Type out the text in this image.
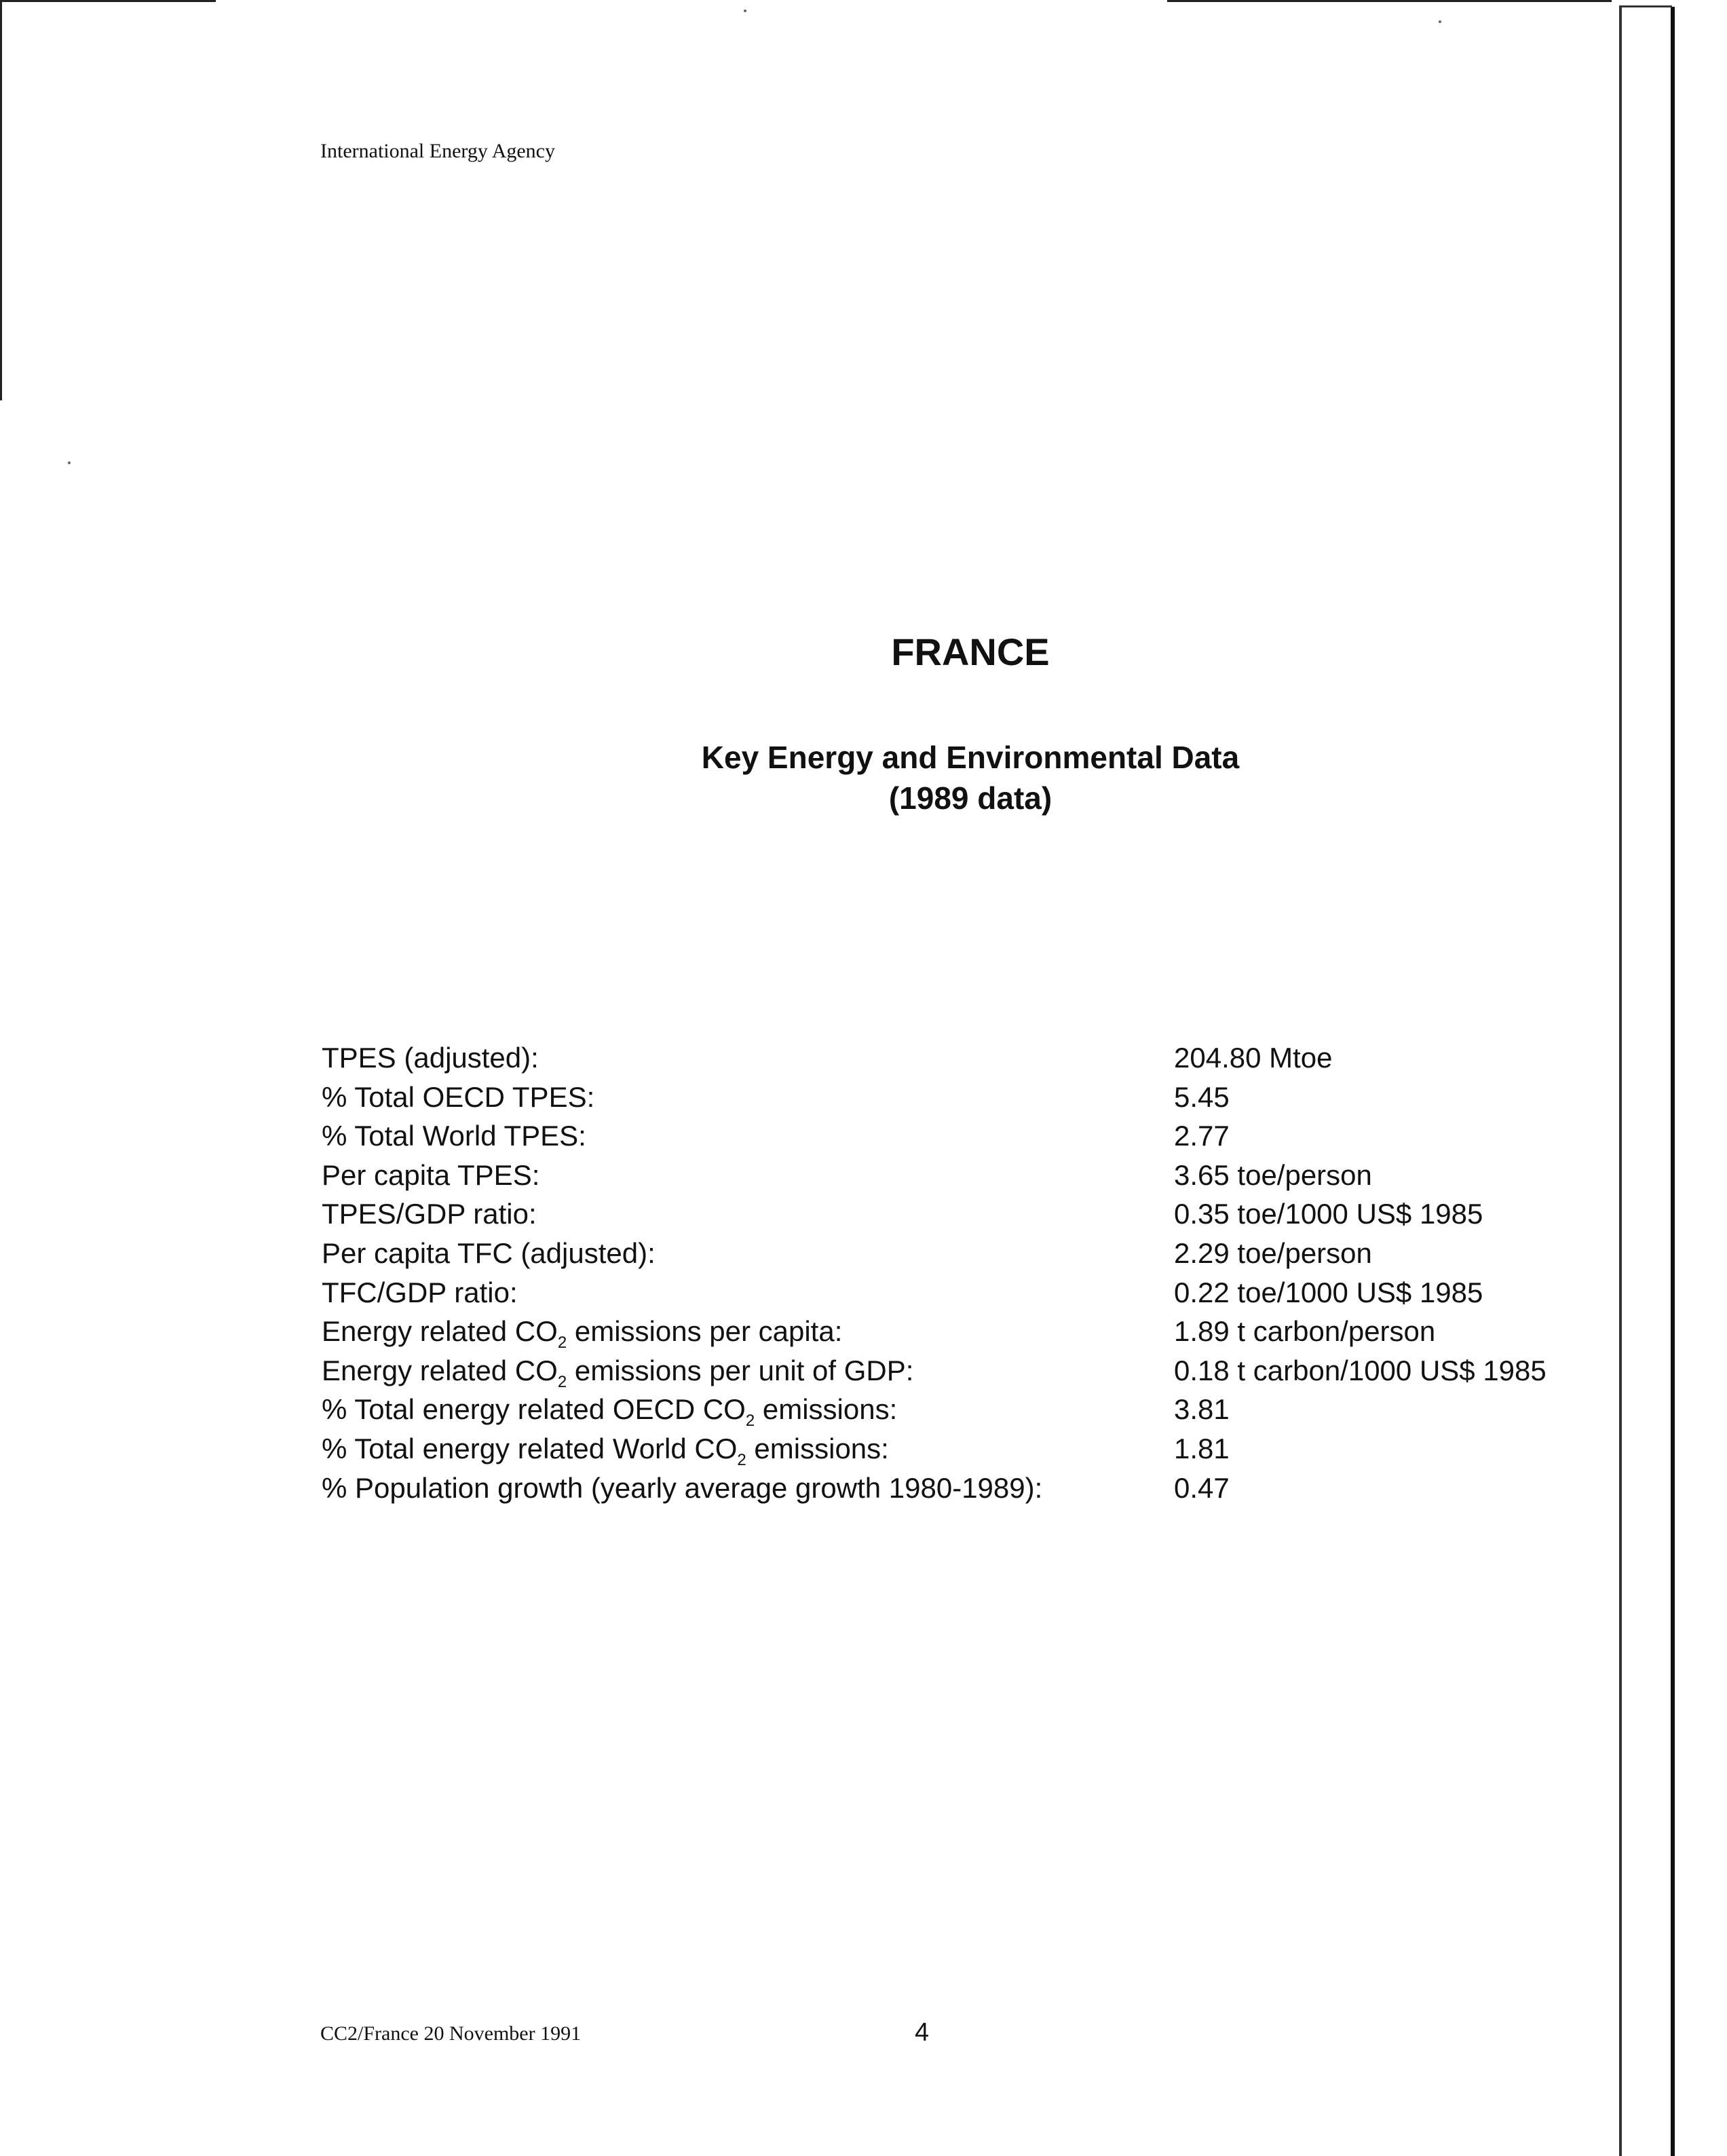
International Energy Agency
FRANCE
Key Energy and Environmental Data
(1989 data)
TPES (adjusted):	204.80 Mtoe
% Total OECD TPES:	5.45
% Total World TPES:	2.77
Per capita TPES:	3.65 toe/person
TPES/GDP ratio:	0.35 toe/1000 US$ 1985
Per capita TFC (adjusted):	2.29 toe/person
TFC/GDP ratio:	0.22 toe/1000 US$ 1985
Energy related $CO_2$ emissions per capita:	1.89 t carbon/person
Energy related $CO_2$ emissions per unit of GDP:	0.18 t carbon/1000 US$ 1985
% Total energy related OECD $CO_2$ emissions:	3.81
% Total energy related World $CO_2$ emissions:	1.81
% Population growth (yearly average growth 1980-1989):	0.47
CC2/France 20 November 1991	4
